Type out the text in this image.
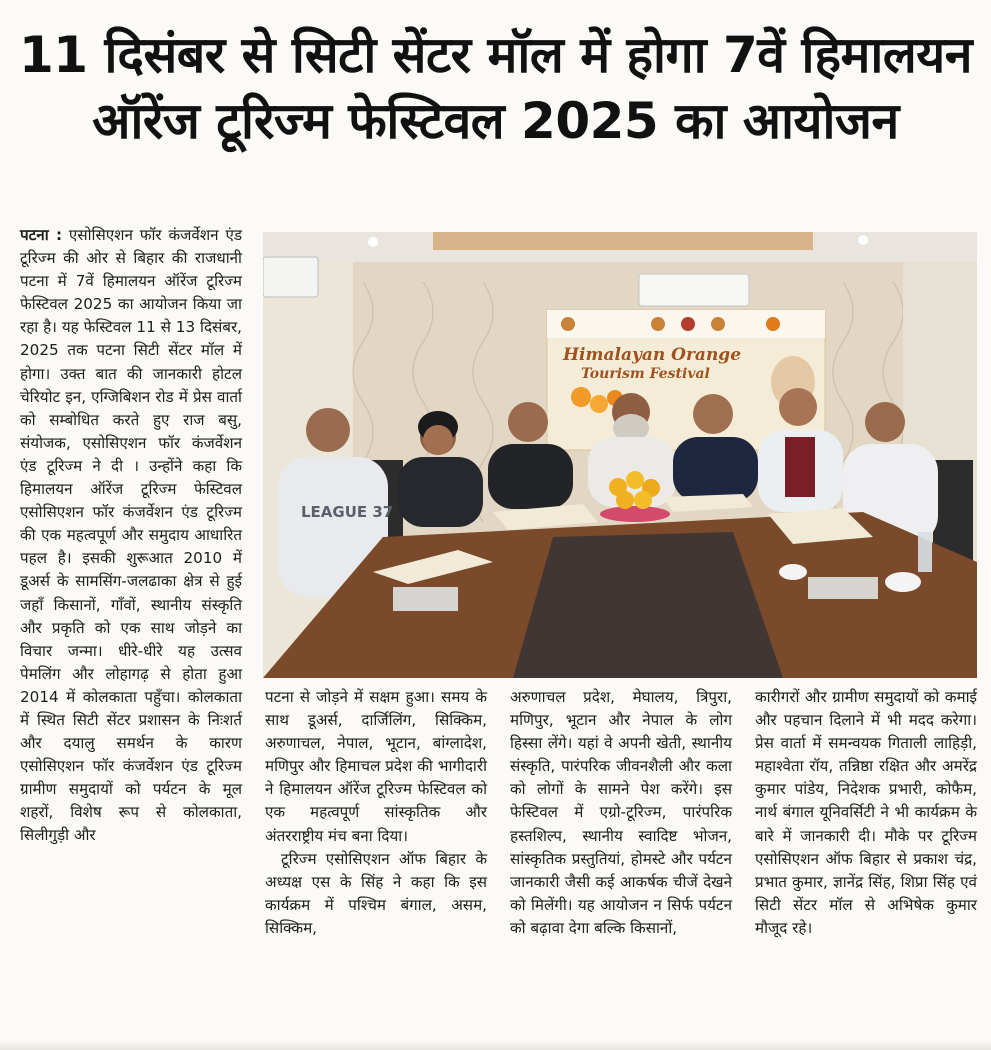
11 दिसंबर से सिटी सेंटर मॉल में होगा 7वें हिमालयन
ऑरेंज टूरिज्म फेस्टिवल 2025 का आयोजन

पटना : एसोसिएशन फॉर कंजर्वेशन एंड टूरिज्म की ओर से बिहार की राजधानी पटना में 7वें हिमालयन ऑरेंज टूरिज्म फेस्टिवल 2025 का आयोजन किया जा रहा है। यह फेस्टिवल 11 से 13 दिसंबर, 2025 तक पटना सिटी सेंटर मॉल में होगा। उक्त बात की जानकारी होटल चेरियोट इन, एग्जिबिशन रोड में प्रेस वार्ता को सम्बोधित करते हुए राज बसु, संयोजक, एसोसिएशन फॉर कंजर्वेशन एंड टूरिज्म ने दी । उन्होंने कहा कि हिमालयन ऑरेंज टूरिज्म फेस्टिवल एसोसिएशन फॉर कंजर्वेशन एंड टूरिज्म की एक महत्वपूर्ण और समुदाय आधारित पहल है। इसकी शुरूआत 2010 में डूअर्स के सामसिंग-जलढाका क्षेत्र से हुई जहाँ किसानों, गाँवों, स्थानीय संस्कृति और प्रकृति को एक साथ जोड़ने का विचार जन्मा। धीरे-धीरे यह उत्सव पेमलिंग और लोहागढ़ से होता हुआ 2014 में कोलकाता पहुँचा। कोलकाता में स्थित सिटी सेंटर प्रशासन के निःशर्त और दयालु समर्थन के कारण एसोसिएशन फॉर कंजर्वेशन एंड टूरिज्म ग्रामीण समुदायों को पर्यटन के मूल शहरों, विशेष रूप से कोलकाता, सिलीगुड़ी और

Himalayan Orange
Tourism Festival
LEAGUE 37

पटना से जोड़ने में सक्षम हुआ। समय के साथ डूअर्स, दार्जिलिंग, सिक्किम, अरुणाचल, नेपाल, भूटान, बांग्लादेश, मणिपुर और हिमाचल प्रदेश की भागीदारी ने हिमालयन ऑरेंज टूरिज्म फेस्टिवल को एक महत्वपूर्ण सांस्कृतिक और अंतरराष्ट्रीय मंच बना दिया।

टूरिज्म एसोसिएशन ऑफ बिहार के अध्यक्ष एस के सिंह ने कहा कि इस कार्यक्रम में पश्चिम बंगाल, असम, सिक्किम,

अरुणाचल प्रदेश, मेघालय, त्रिपुरा, मणिपुर, भूटान और नेपाल के लोग हिस्सा लेंगे। यहां वे अपनी खेती, स्थानीय संस्कृति, पारंपरिक जीवनशैली और कला को लोगों के सामने पेश करेंगे। इस फेस्टिवल में एग्रो-टूरिज्म, पारंपरिक हस्तशिल्प, स्थानीय स्वादिष्ट भोजन, सांस्कृतिक प्रस्तुतियां, होमस्टे और पर्यटन जानकारी जैसी कई आकर्षक चीजें देखने को मिलेंगी। यह आयोजन न सिर्फ पर्यटन को बढ़ावा देगा बल्कि किसानों,

कारीगरों और ग्रामीण समुदायों को कमाई और पहचान दिलाने में भी मदद करेगा। प्रेस वार्ता में समन्वयक गिताली लाहिड़ी, महाश्वेता रॉय, तन्निष्ठा रक्षित और अमरेंद्र कुमार पांडेय, निदेशक प्रभारी, कोफैम, नार्थ बंगाल यूनिवर्सिटी ने भी कार्यक्रम के बारे में जानकारी दी। मौके पर टूरिज्म एसोसिएशन ऑफ बिहार से प्रकाश चंद्र, प्रभात कुमार, ज्ञानेंद्र सिंह, शिप्रा सिंह एवं सिटी सेंटर मॉल से अभिषेक कुमार मौजूद रहे।
